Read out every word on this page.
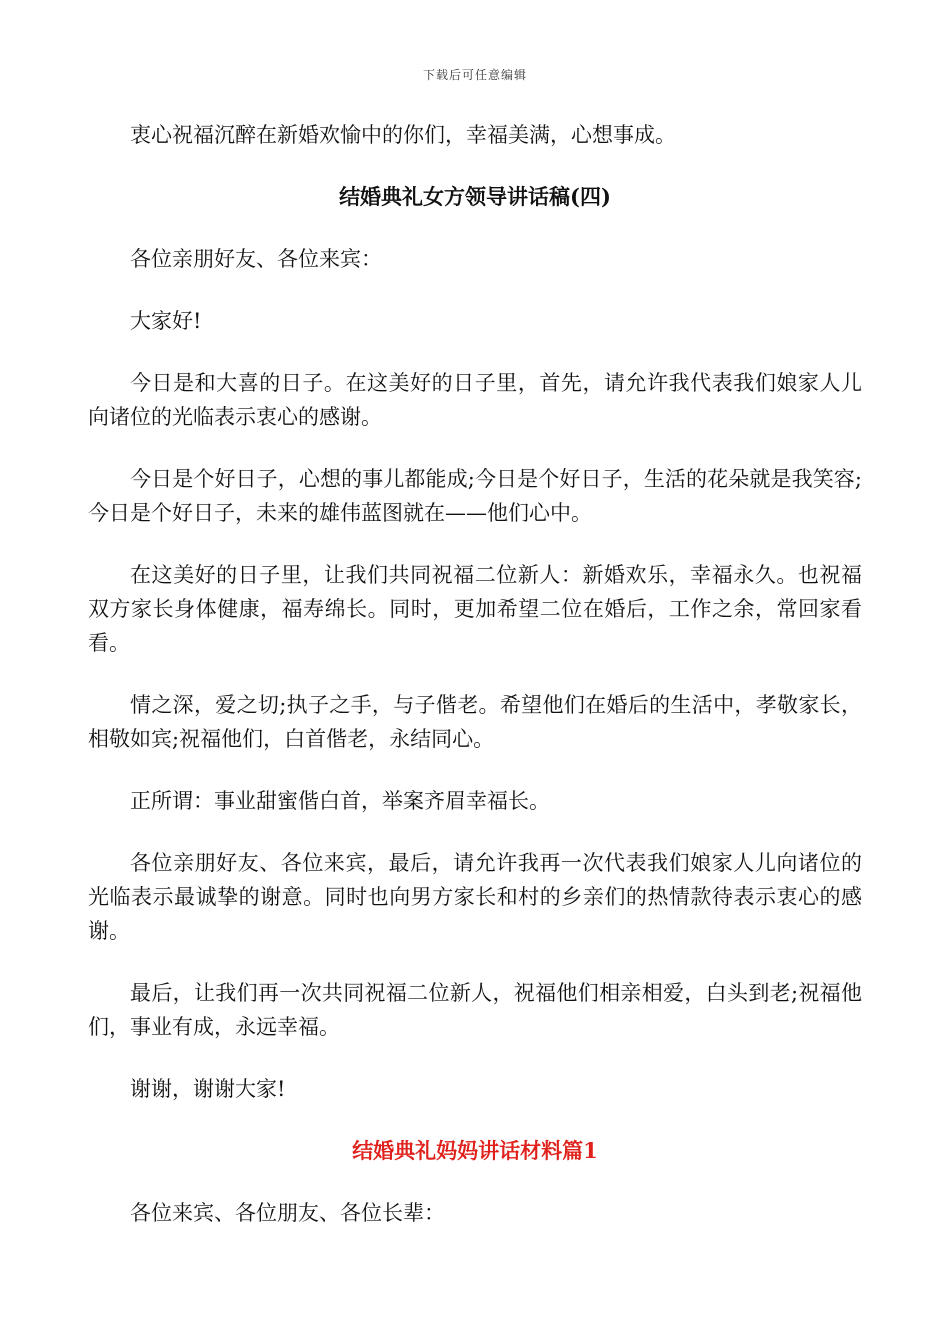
下载后可任意编辑

衷心祝福沉醉在新婚欢愉中的你们，幸福美满，心想事成。

结婚典礼女方领导讲话稿(四)

各位亲朋好友、各位来宾：

大家好!

今日是和大喜的日子。在这美好的日子里，首先，请允许我代表我们娘家人儿向诸位的光临表示衷心的感谢。

今日是个好日子，心想的事儿都能成;今日是个好日子，生活的花朵就是我笑容;今日是个好日子，未来的雄伟蓝图就在——他们心中。

在这美好的日子里，让我们共同祝福二位新人：新婚欢乐，幸福永久。也祝福双方家长身体健康，福寿绵长。同时，更加希望二位在婚后，工作之余，常回家看看。

情之深，爱之切;执子之手，与子偕老。希望他们在婚后的生活中，孝敬家长，相敬如宾;祝福他们，白首偕老，永结同心。

正所谓：事业甜蜜偕白首，举案齐眉幸福长。

各位亲朋好友、各位来宾，最后，请允许我再一次代表我们娘家人儿向诸位的光临表示最诚挚的谢意。同时也向男方家长和村的乡亲们的热情款待表示衷心的感谢。

最后，让我们再一次共同祝福二位新人，祝福他们相亲相爱，白头到老;祝福他们，事业有成，永远幸福。

谢谢，谢谢大家!

结婚典礼妈妈讲话材料篇1

各位来宾、各位朋友、各位长辈：
